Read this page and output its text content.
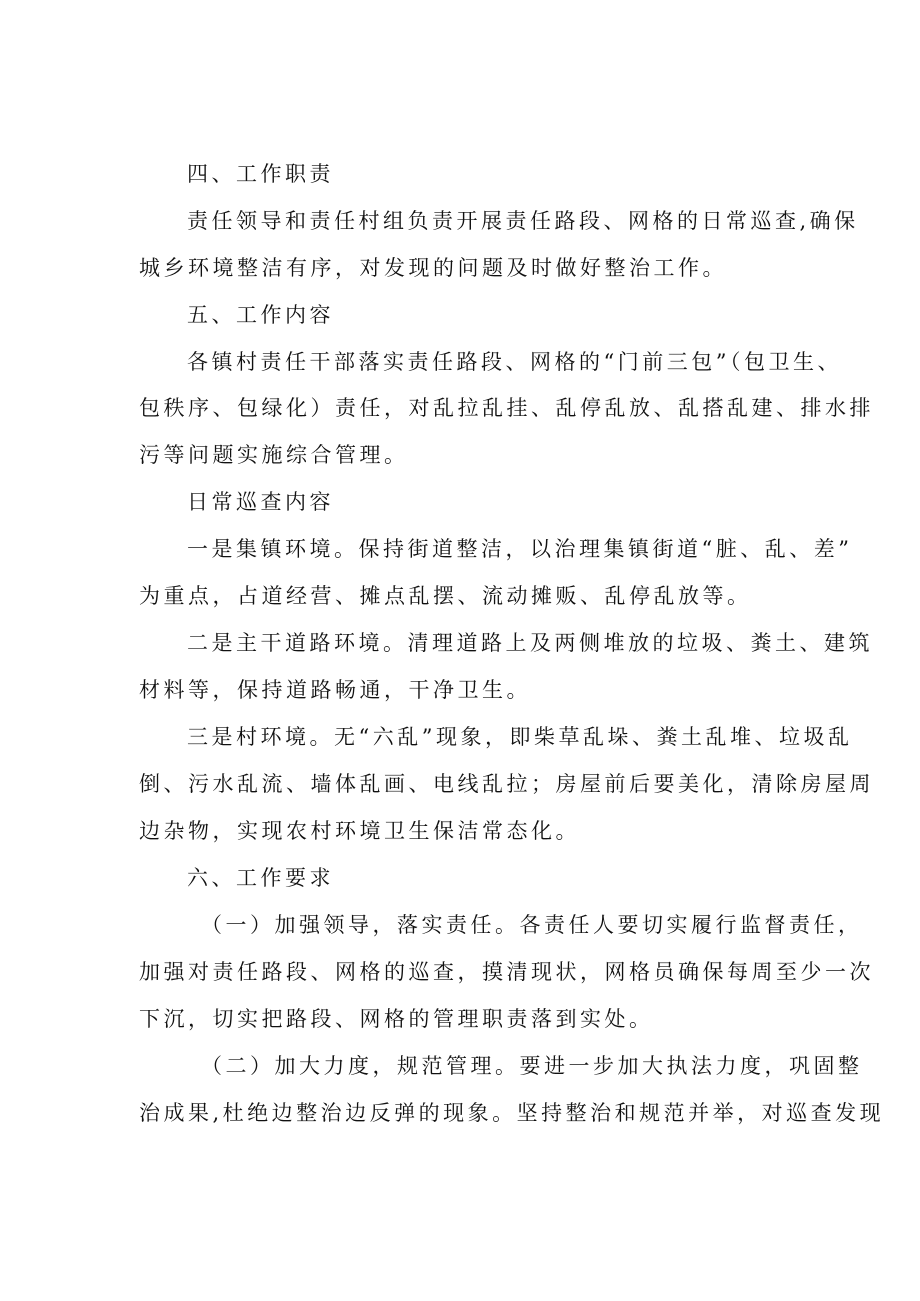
四、工作职责
责任领导和责任村组负责开展责任路段、网格的日常巡查,确保
城乡环境整洁有序，对发现的问题及时做好整治工作。
五、工作内容
各镇村责任干部落实责任路段、网格的“门前三包”（包卫生、
包秩序、包绿化）责任，对乱拉乱挂、乱停乱放、乱搭乱建、排水排
污等问题实施综合管理。
日常巡查内容
一是集镇环境。保持街道整洁，以治理集镇街道“脏、乱、差”
为重点，占道经营、摊点乱摆、流动摊贩、乱停乱放等。
二是主干道路环境。清理道路上及两侧堆放的垃圾、粪土、建筑
材料等，保持道路畅通，干净卫生。
三是村环境。无“六乱”现象，即柴草乱垛、粪土乱堆、垃圾乱
倒、污水乱流、墙体乱画、电线乱拉；房屋前后要美化，清除房屋周
边杂物，实现农村环境卫生保洁常态化。
六、工作要求
（一）加强领导，落实责任。各责任人要切实履行监督责任，
加强对责任路段、网格的巡查，摸清现状，网格员确保每周至少一次
下沉，切实把路段、网格的管理职责落到实处。
（二）加大力度，规范管理。要进一步加大执法力度，巩固整
治成果,杜绝边整治边反弹的现象。坚持整治和规范并举，对巡查发现
